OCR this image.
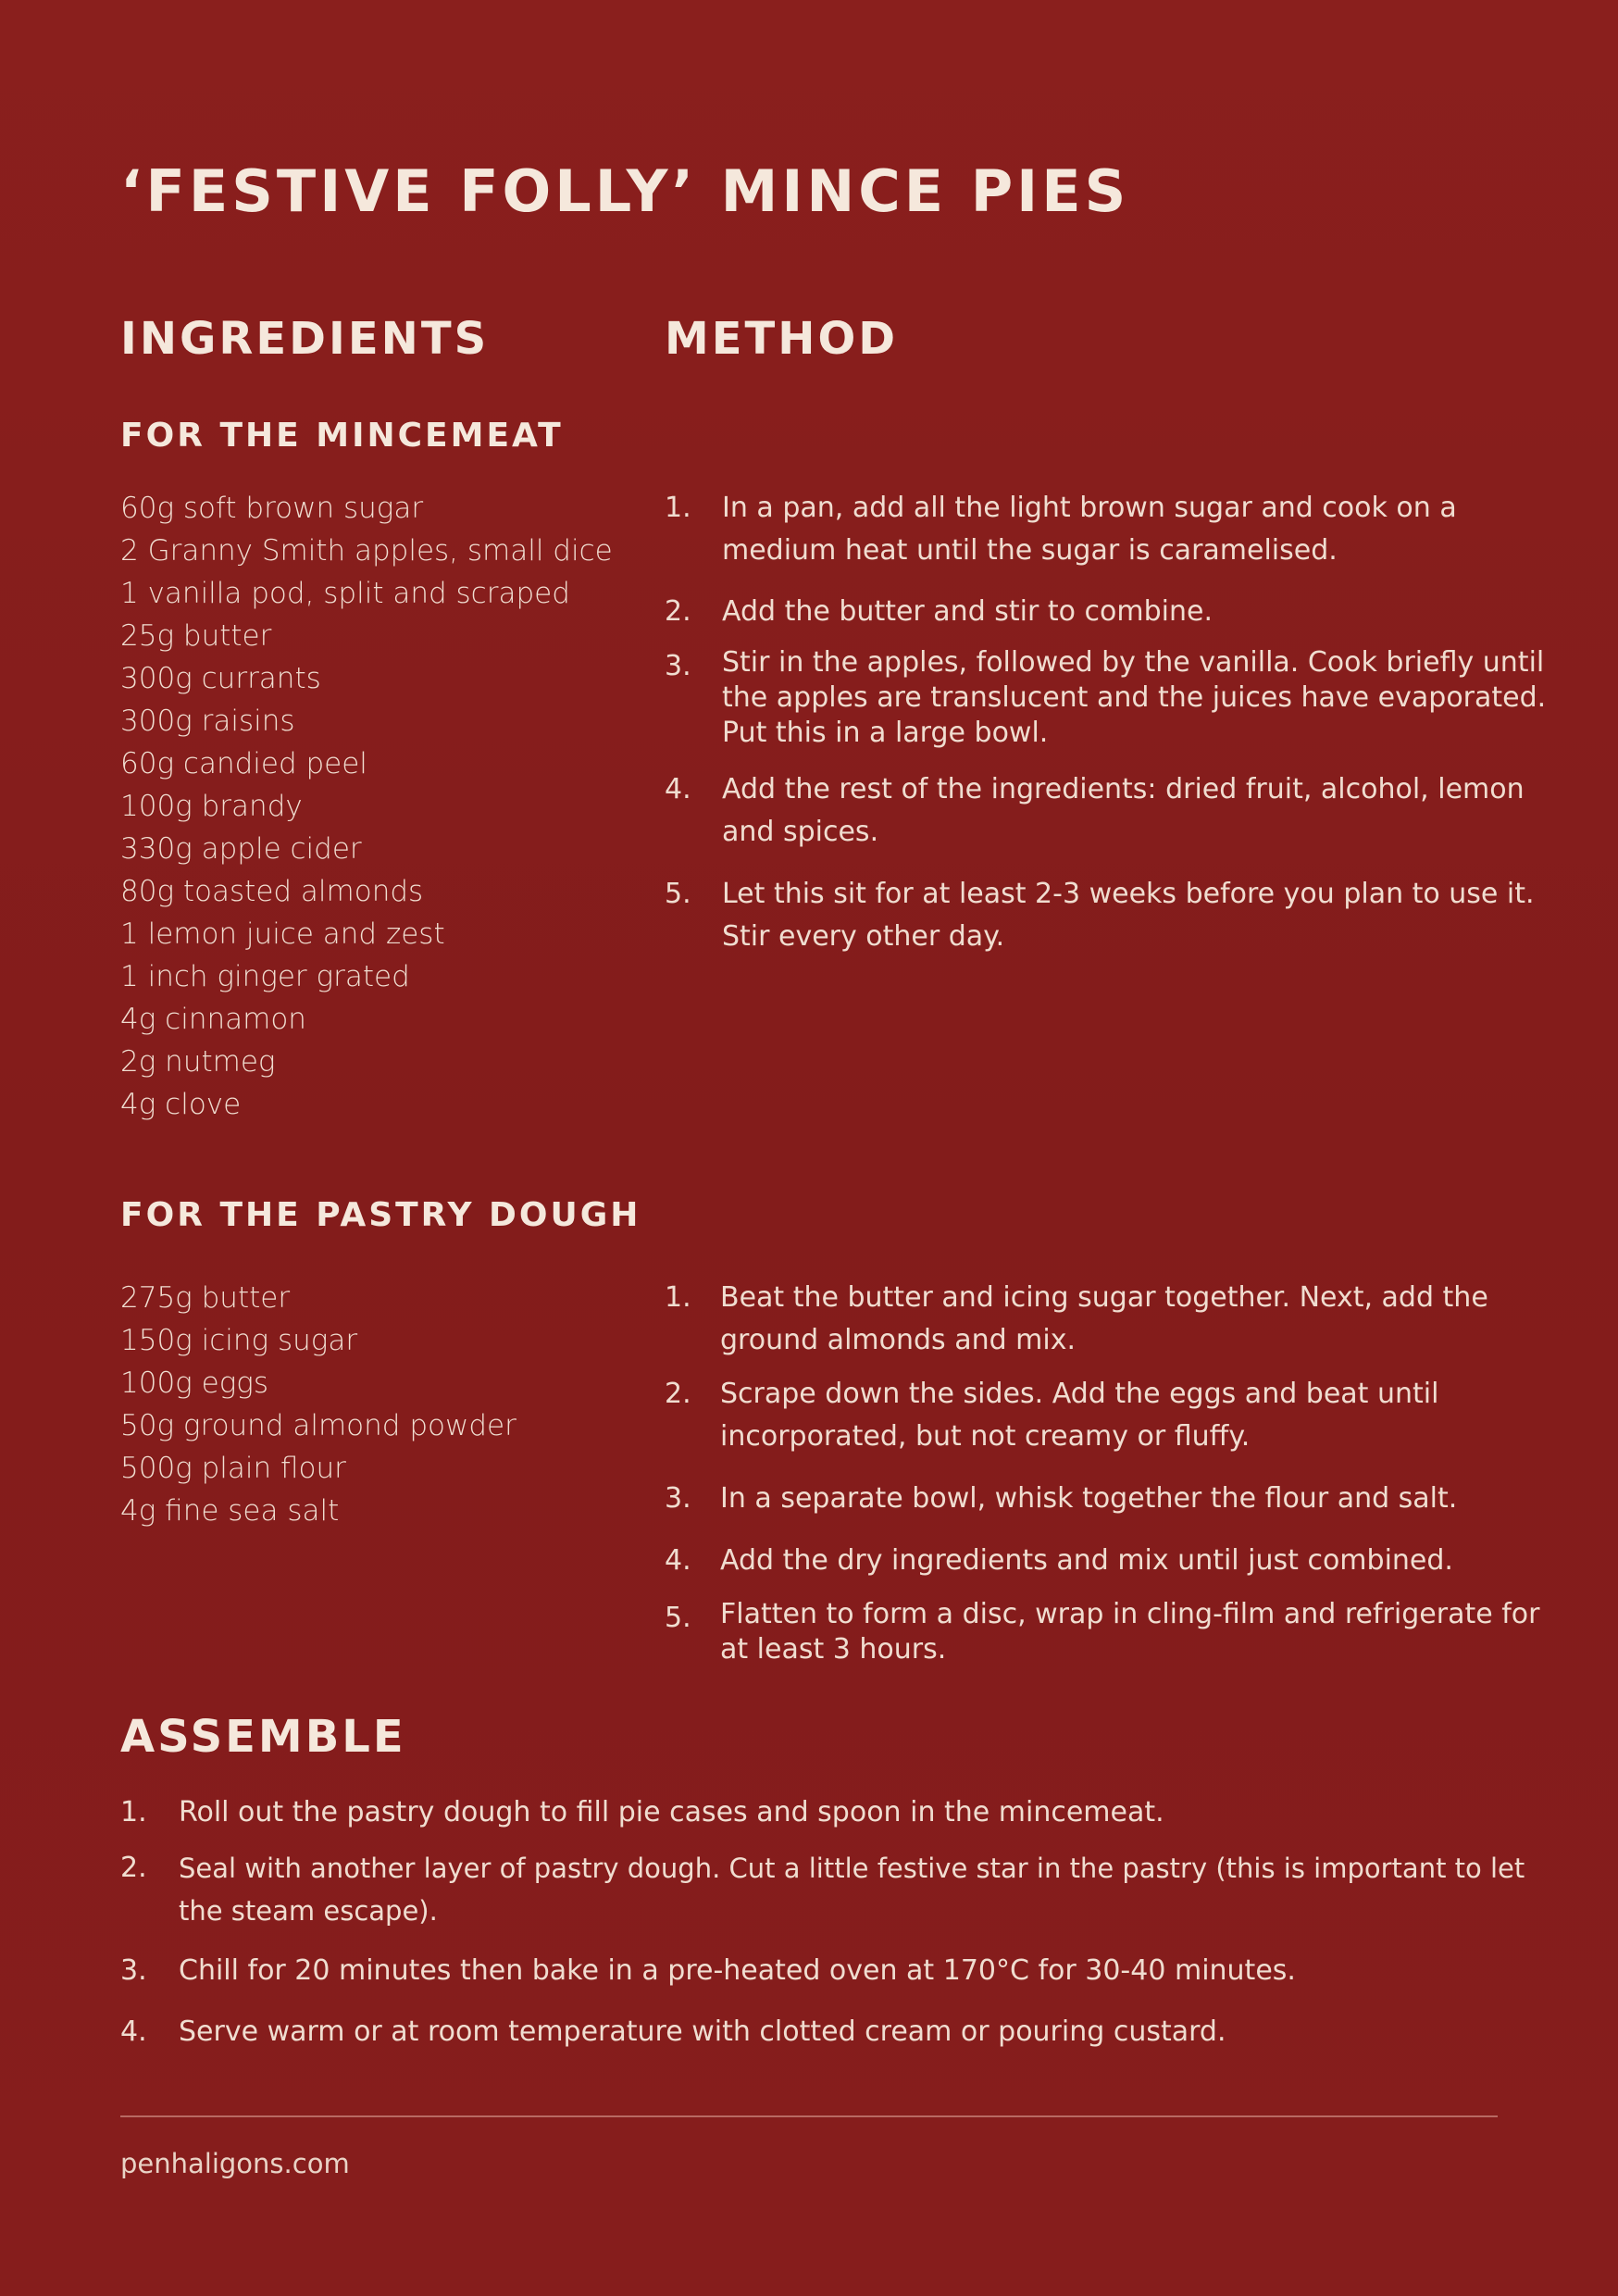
‘FESTIVE FOLLY’ MINCE PIES
INGREDIENTS	METHOD
FOR THE MINCEMEAT
60g soft brown sugar
2 Granny Smith apples, small dice
1 vanilla pod, split and scraped
25g butter
300g currants
300g raisins
60g candied peel
100g brandy
330g apple cider
80g toasted almonds
1 lemon juice and zest
1 inch ginger grated
4g cinnamon
2g nutmeg
4g clove
1. In a pan, add all the light brown sugar and cook on a
medium heat until the sugar is caramelised.
2. Add the butter and stir to combine.
3. Stir in the apples, followed by the vanilla. Cook briefly until
the apples are translucent and the juices have evaporated.
Put this in a large bowl.
4. Add the rest of the ingredients: dried fruit, alcohol, lemon
and spices.
5. Let this sit for at least 2-3 weeks before you plan to use it.
Stir every other day.
FOR THE PASTRY DOUGH
275g butter
150g icing sugar
100g eggs
50g ground almond powder
500g plain flour
4g fine sea salt
1. Beat the butter and icing sugar together. Next, add the
ground almonds and mix.
2. Scrape down the sides. Add the eggs and beat until
incorporated, but not creamy or fluffy.
3. In a separate bowl, whisk together the flour and salt.
4. Add the dry ingredients and mix until just combined.
5. Flatten to form a disc, wrap in cling-film and refrigerate for
at least 3 hours.
ASSEMBLE
1. Roll out the pastry dough to fill pie cases and spoon in the mincemeat.
2. Seal with another layer of pastry dough. Cut a little festive star in the pastry (this is important to let
the steam escape).
3. Chill for 20 minutes then bake in a pre-heated oven at 170°C for 30-40 minutes.
4. Serve warm or at room temperature with clotted cream or pouring custard.
penhaligons.com
